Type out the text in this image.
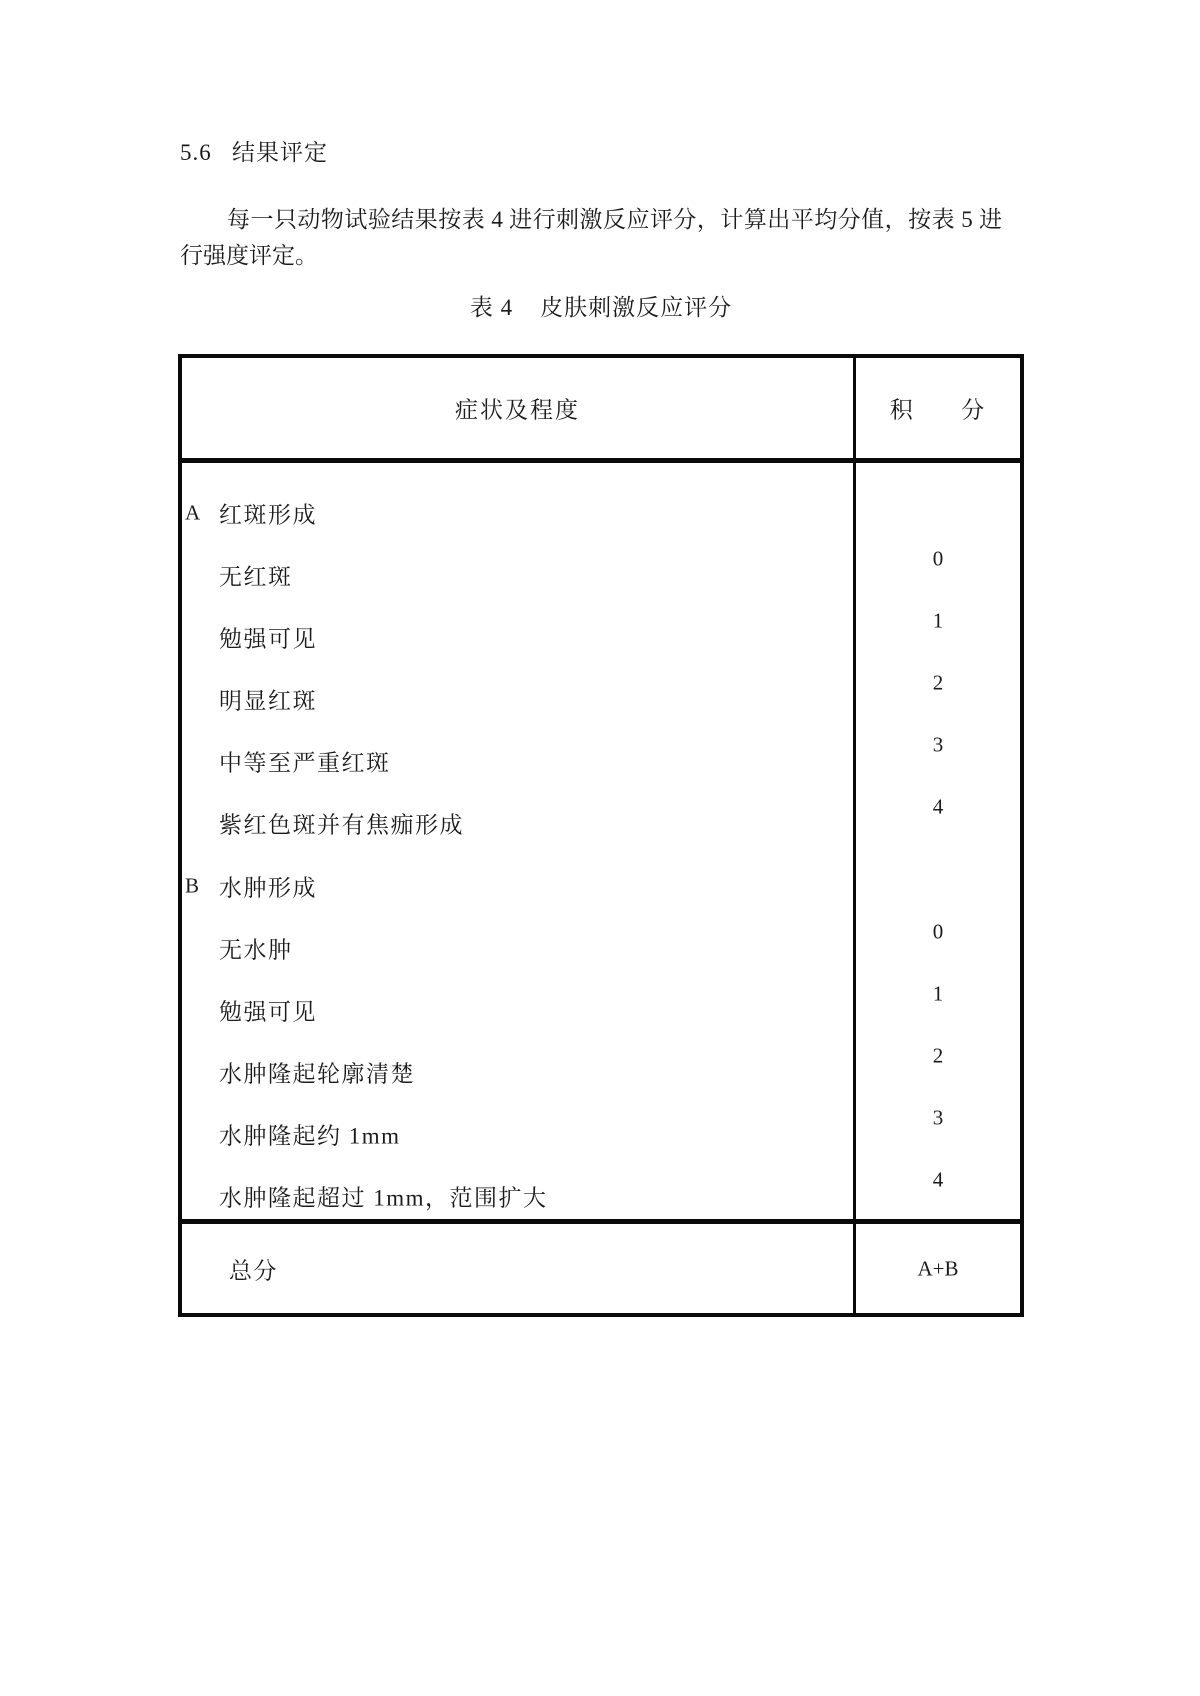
5.6   结果评定
每一只动物试验结果按表 4 进行刺激反应评分，计算出平均分值，按表 5 进行强度评定。
表 4    皮肤刺激反应评分
症状及程度	积      分
A 红斑形成
无红斑
0
勉强可见
1
明显红斑
2
中等至严重红斑
3
紫红色斑并有焦痂形成
4
B 水肿形成
无水肿
0
勉强可见
1
水肿隆起轮廓清楚
2
水肿隆起约 1mm
3
水肿隆起超过 1mm，范围扩大
4
总分	A+B
